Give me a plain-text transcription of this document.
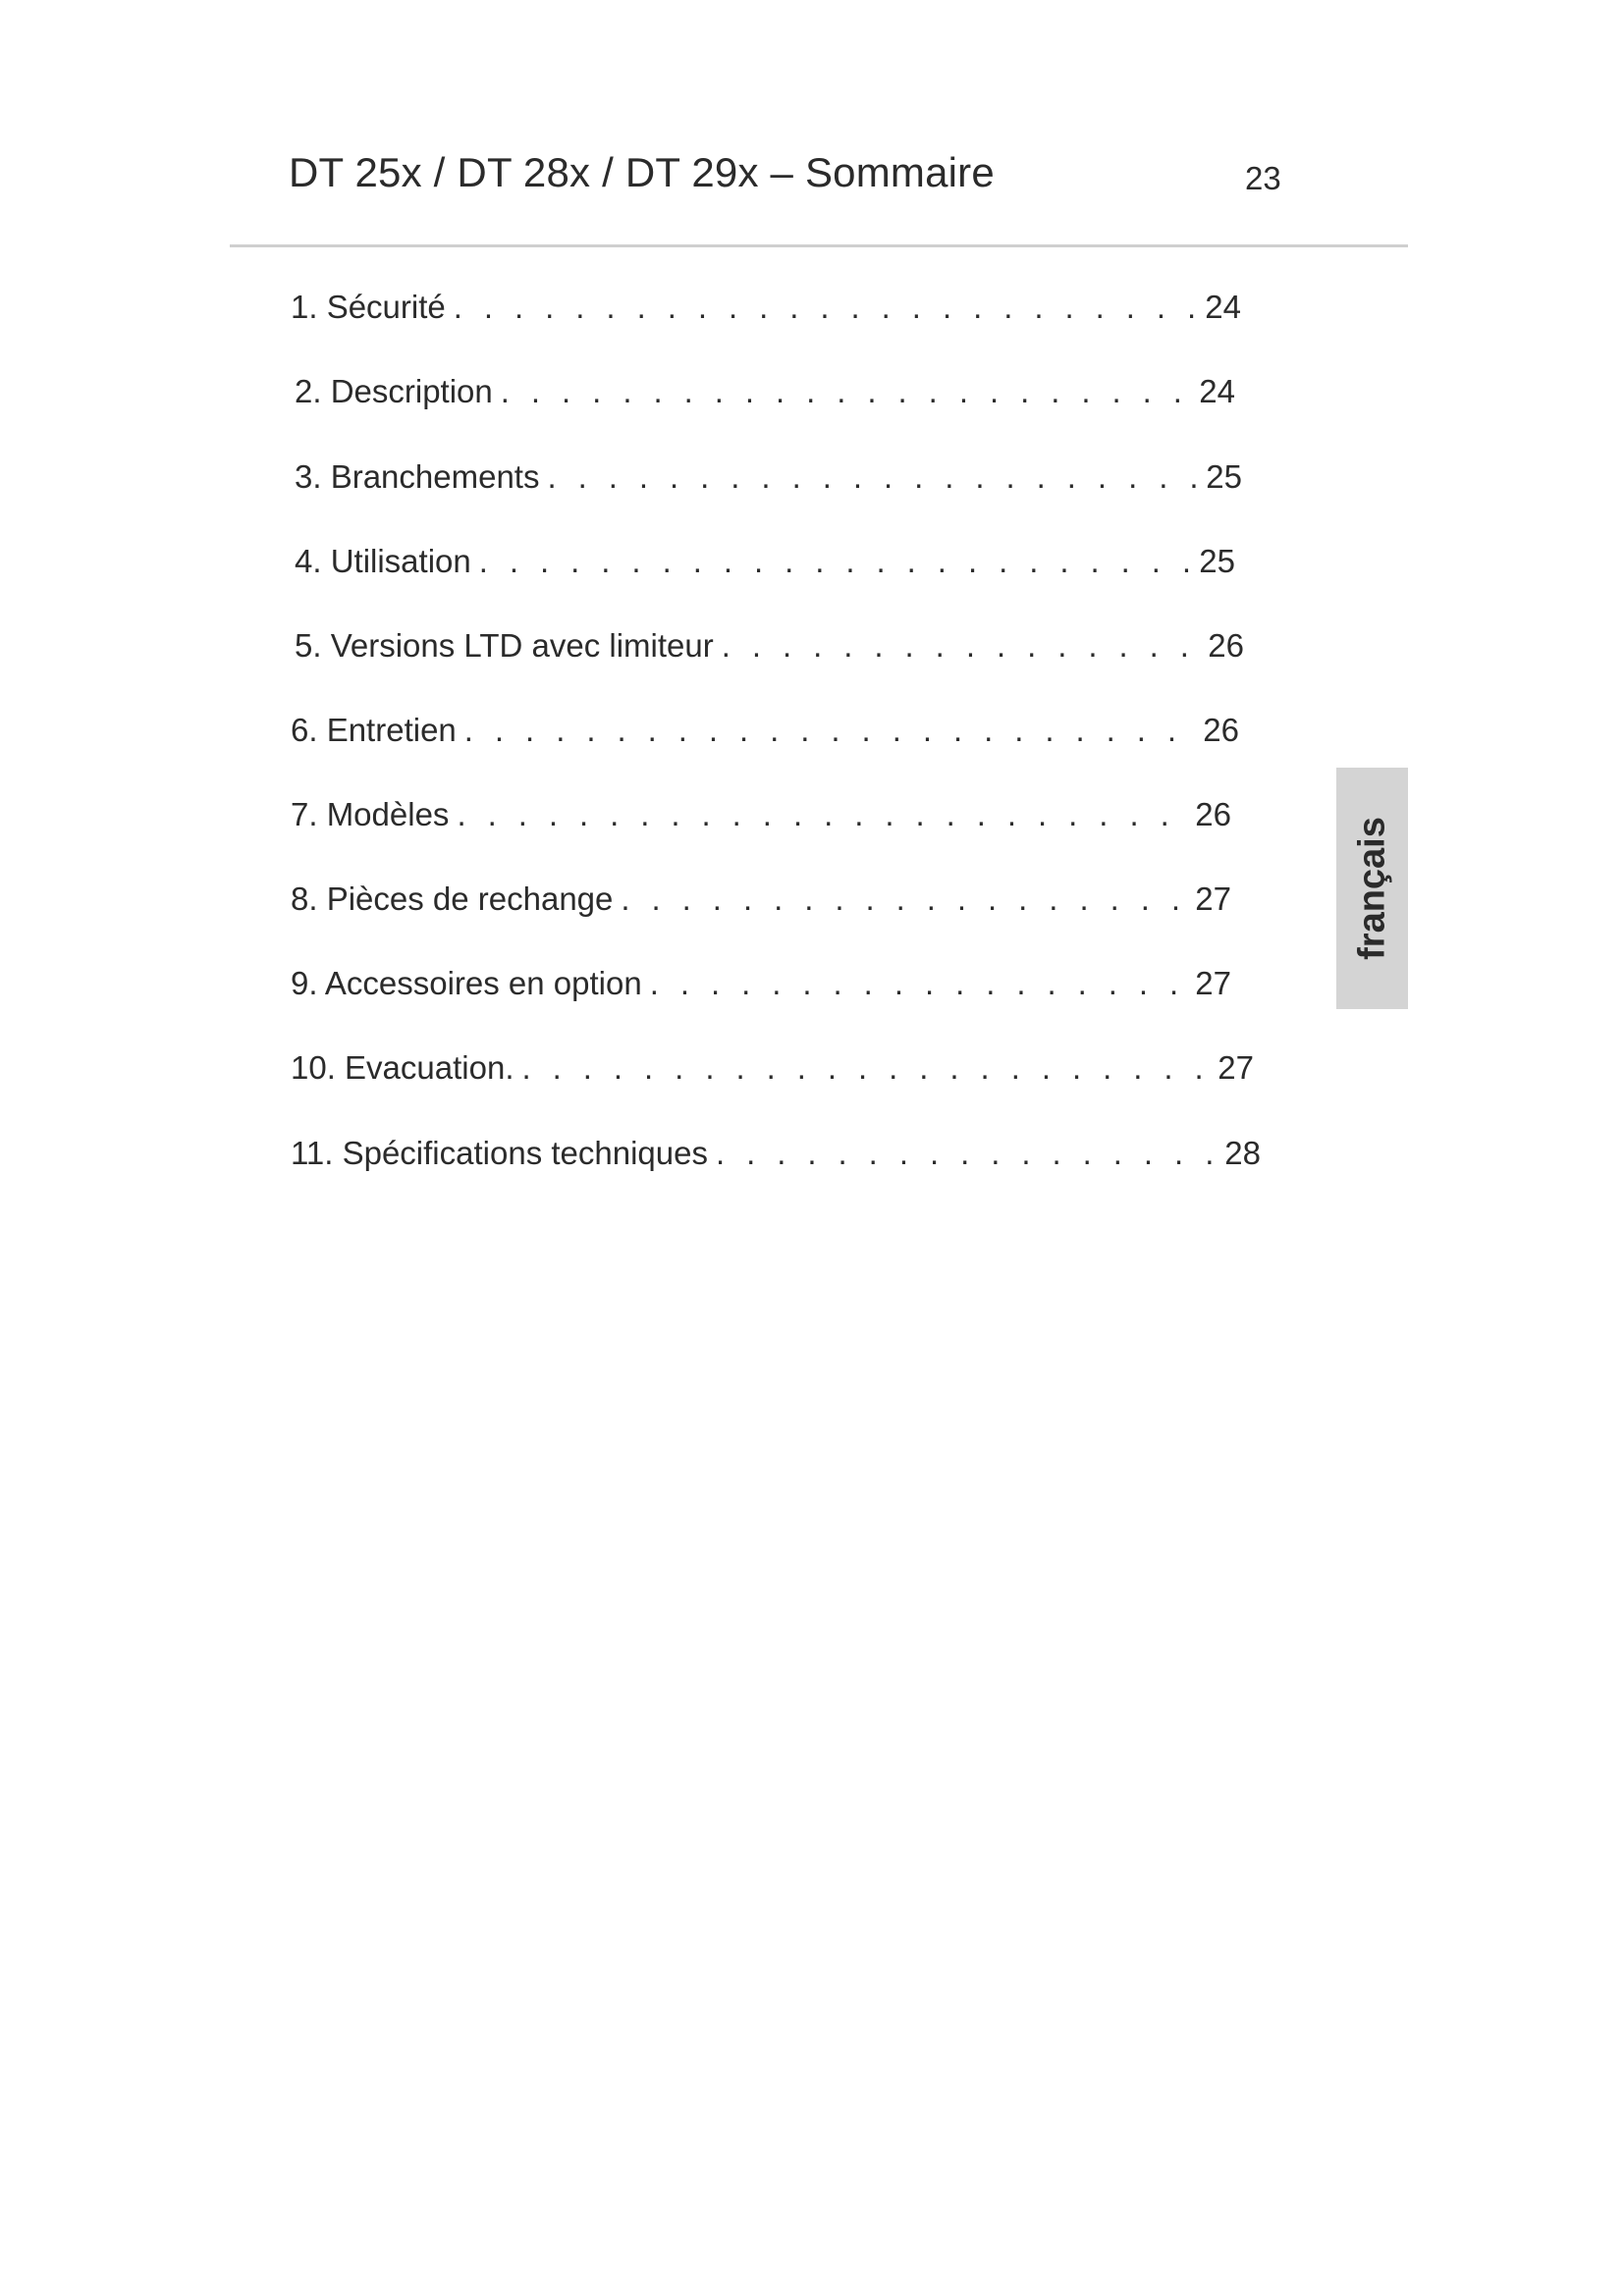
DT 25x / DT 28x / DT 29x – Sommaire	23
1. Sécurité . . .	24
2. Description . . .	24
3. Branchements . . .	25
4. Utilisation . . .	25
5. Versions LTD avec limiteur . . .	26
6. Entretien . . .	26
7. Modèles . . .	26
8. Pièces de rechange . . .	27
9. Accessoires en option . . .	27
10. Evacuation. . . .	27
11. Spécifications techniques . . .	28
français
